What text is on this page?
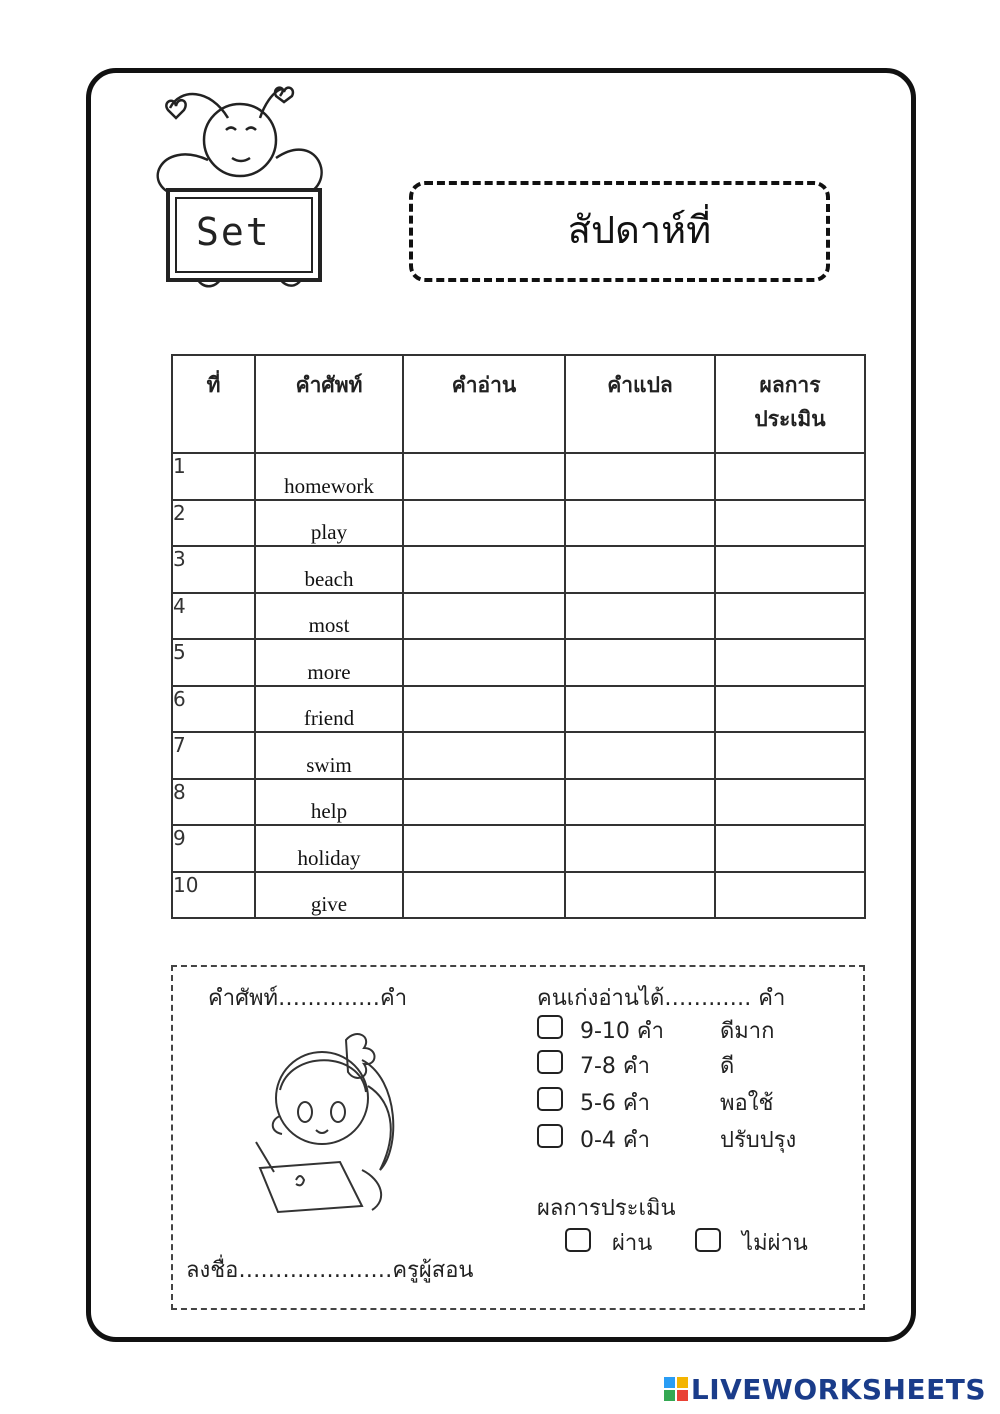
Set	สัปดาห์ที่
ที่	คำศัพท์	คำอ่าน	คำแปล	ผลการ
ประเมิน
1	homework			
2	play			
3	beach			
4	most			
5	more			
6	friend			
7	swim			
8	help			
9	holiday			
10	give			
คำศัพท์………..…คำ	คนเก่งอ่านได้……..…. คำ
9-10 คำ	ดีมาก
7-8 คำ	ดี
5-6 คำ	พอใช้
0-4 คำ	ปรับปรุง
ผลการประเมิน
ผ่าน	ไม่ผ่าน
ลงชื่อ…………………ครูผู้สอน
LIVEWORKSHEETS
